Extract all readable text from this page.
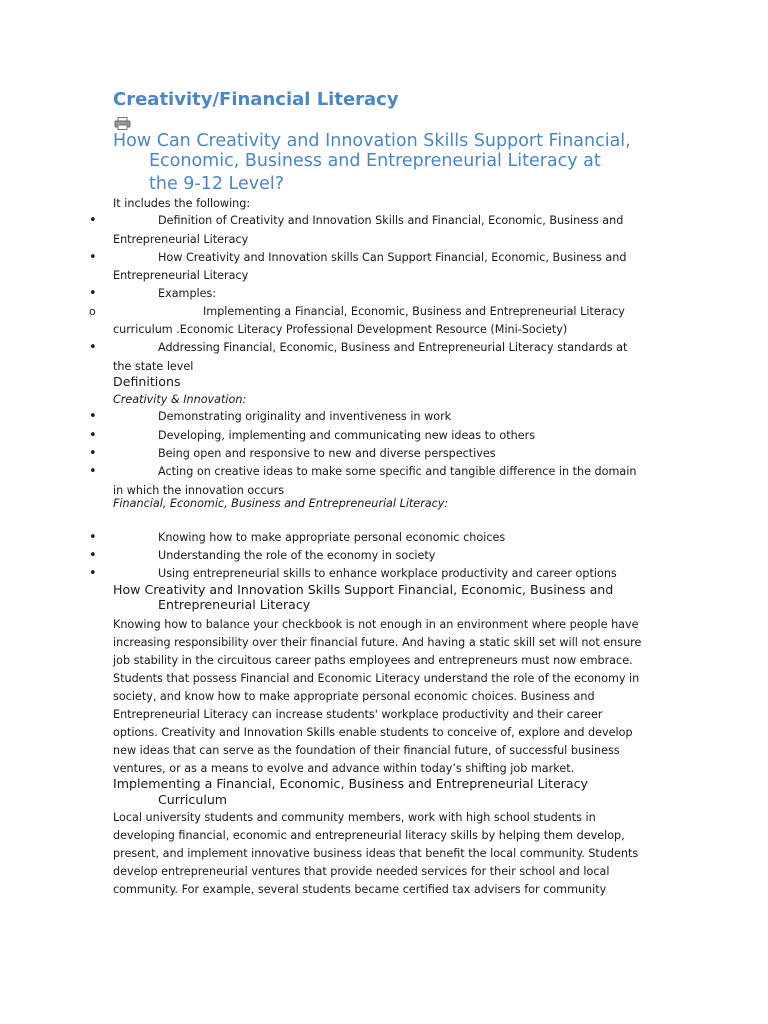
Creativity/Financial Literacy
How Can Creativity and Innovation Skills Support Financial,
Economic, Business and Entrepreneurial Literacy at
the 9-12 Level?
It includes the following:
•	Definition of Creativity and Innovation Skills and Financial, Economic, Business and
Entrepreneurial Literacy
•	How Creativity and Innovation skills Can Support Financial, Economic, Business and
Entrepreneurial Literacy
•	Examples:
o	Implementing a Financial, Economic, Business and Entrepreneurial Literacy
curriculum .Economic Literacy Professional Development Resource (Mini-Society)
•	Addressing Financial, Economic, Business and Entrepreneurial Literacy standards at
the state level
Definitions
Creativity & Innovation:
•	Demonstrating originality and inventiveness in work
•	Developing, implementing and communicating new ideas to others
•	Being open and responsive to new and diverse perspectives
•	Acting on creative ideas to make some specific and tangible difference in the domain
in which the innovation occurs
Financial, Economic, Business and Entrepreneurial Literacy:
•	Knowing how to make appropriate personal economic choices
•	Understanding the role of the economy in society
•	Using entrepreneurial skills to enhance workplace productivity and career options
How Creativity and Innovation Skills Support Financial, Economic, Business and
Entrepreneurial Literacy
Knowing how to balance your checkbook is not enough in an environment where people have
increasing responsibility over their financial future. And having a static skill set will not ensure
job stability in the circuitous career paths employees and entrepreneurs must now embrace.
Students that possess Financial and Economic Literacy understand the role of the economy in
society, and know how to make appropriate personal economic choices. Business and
Entrepreneurial Literacy can increase students' workplace productivity and their career
options. Creativity and Innovation Skills enable students to conceive of, explore and develop
new ideas that can serve as the foundation of their financial future, of successful business
ventures, or as a means to evolve and advance within today’s shifting job market.
Implementing a Financial, Economic, Business and Entrepreneurial Literacy
Curriculum
Local university students and community members, work with high school students in
developing financial, economic and entrepreneurial literacy skills by helping them develop,
present, and implement innovative business ideas that benefit the local community. Students
develop entrepreneurial ventures that provide needed services for their school and local
community. For example, several students became certified tax advisers for community
